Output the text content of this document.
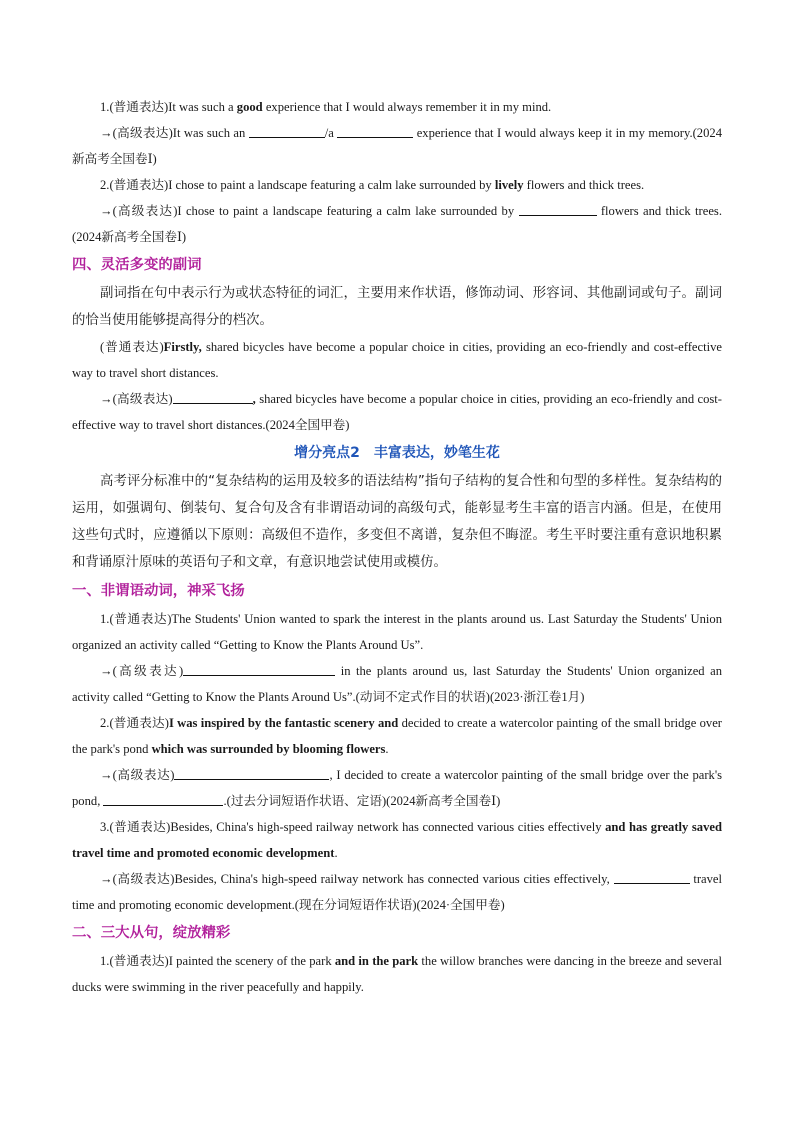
1.(普通表达)It was such a good experience that I would always remember it in my mind.

→(高级表达)It was such an	/a	experience that I would always keep it in my memory.(2024新高考全国卷Ⅰ)

2.(普通表达)I chose to paint a landscape featuring a calm lake surrounded by lively flowers and thick trees.

→(高级表达)I chose to paint a landscape featuring a calm lake surrounded by	flowers and thick trees.(2024新高考全国卷Ⅰ)

四、灵活多变的副词

副词指在句中表示行为或状态特征的词汇，主要用来作状语，修饰动词、形容词、其他副词或句子。副词的恰当使用能够提高得分的档次。

(普通表达)Firstly, shared bicycles have become a popular choice in cities, providing an eco-friendly and cost-effective way to travel short distances.

→(高级表达)	, shared bicycles have become a popular choice in cities, providing an eco-friendly and cost-effective way to travel short distances.(2024全国甲卷)

增分亮点2　丰富表达，妙笔生花

高考评分标准中的“复杂结构的运用及较多的语法结构”指句子结构的复合性和句型的多样性。复杂结构的运用，如强调句、倒装句、复合句及含有非谓语动词的高级句式，能彰显考生丰富的语言内涵。但是，在使用这些句式时，应遵循以下原则：高级但不造作，多变但不离谱，复杂但不晦涩。考生平时要注重有意识地积累和背诵原汁原味的英语句子和文章，有意识地尝试使用或模仿。

一、非谓语动词，神采飞扬

1.(普通表达)The Students' Union wanted to spark the interest in the plants around us. Last Saturday the Students' Union organized an activity called “Getting to Know the Plants Around Us”.

→(高级表达)	in the plants around us, last Saturday the Students' Union organized an activity called “Getting to Know the Plants Around Us”.(动词不定式作目的状语)(2023·浙江卷1月)

2.(普通表达)I was inspired by the fantastic scenery and decided to create a watercolor painting of the small bridge over the park's pond which was surrounded by blooming flowers.

→(高级表达)	, I decided to create a watercolor painting of the small bridge over the park's pond,	.(过去分词短语作状语、定语)(2024新高考全国卷Ⅰ)

3.(普通表达)Besides, China's high-speed railway network has connected various cities effectively and has greatly saved travel time and promoted economic development.

→(高级表达)Besides, China's high-speed railway network has connected various cities effectively,	travel time and promoting economic development.(现在分词短语作状语)(2024·全国甲卷)

二、三大从句，绽放精彩

1.(普通表达)I painted the scenery of the park and in the park the willow branches were dancing in the breeze and several ducks were swimming in the river peacefully and happily.
